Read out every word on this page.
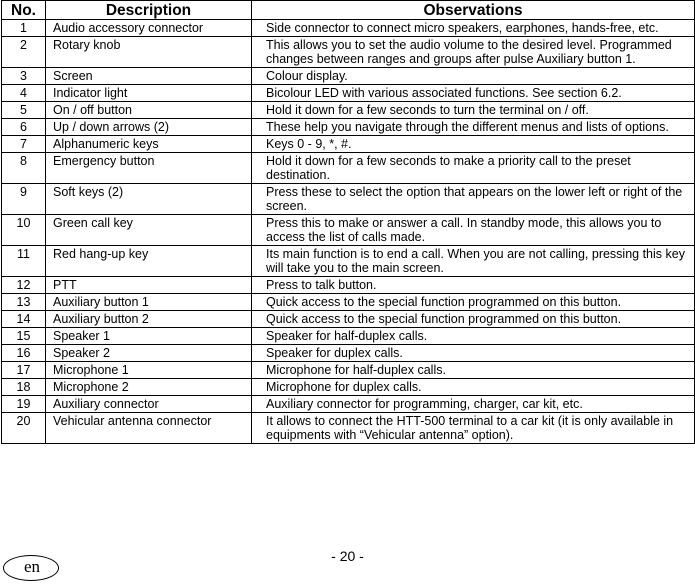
No.	Description	Observations
1	Audio accessory connector	Side connector to connect micro speakers, earphones, hands-free, etc.
2	Rotary knob	This allows you to set the audio volume to the desired level. Programmed changes between ranges and groups after pulse Auxiliary button 1.
3	Screen	Colour display.
4	Indicator light	Bicolour LED with various associated functions. See section 6.2.
5	On / off button	Hold it down for a few seconds to turn the terminal on / off.
6	Up / down arrows (2)	These help you navigate through the different menus and lists of options.
7	Alphanumeric keys	Keys 0 - 9, *, #.
8	Emergency button	Hold it down for a few seconds to make a priority call to the preset destination.
9	Soft keys (2)	Press these to select the option that appears on the lower left or right of the screen.
10	Green call key	Press this to make or answer a call. In standby mode, this allows you to access the list of calls made.
11	Red hang-up key	Its main function is to end a call. When you are not calling, pressing this key will take you to the main screen.
12	PTT	Press to talk button.
13	Auxiliary button 1	Quick access to the special function programmed on this button.
14	Auxiliary button 2	Quick access to the special function programmed on this button.
15	Speaker 1	Speaker for half-duplex calls.
16	Speaker 2	Speaker for duplex calls.
17	Microphone 1	Microphone for half-duplex calls.
18	Microphone 2	Microphone for duplex calls.
19	Auxiliary connector	Auxiliary connector for programming, charger, car kit, etc.
20	Vehicular antenna connector	It allows to connect the HTT-500 terminal to a car kit (it is only available in equipments with “Vehicular antenna” option).
- 20 -
en
